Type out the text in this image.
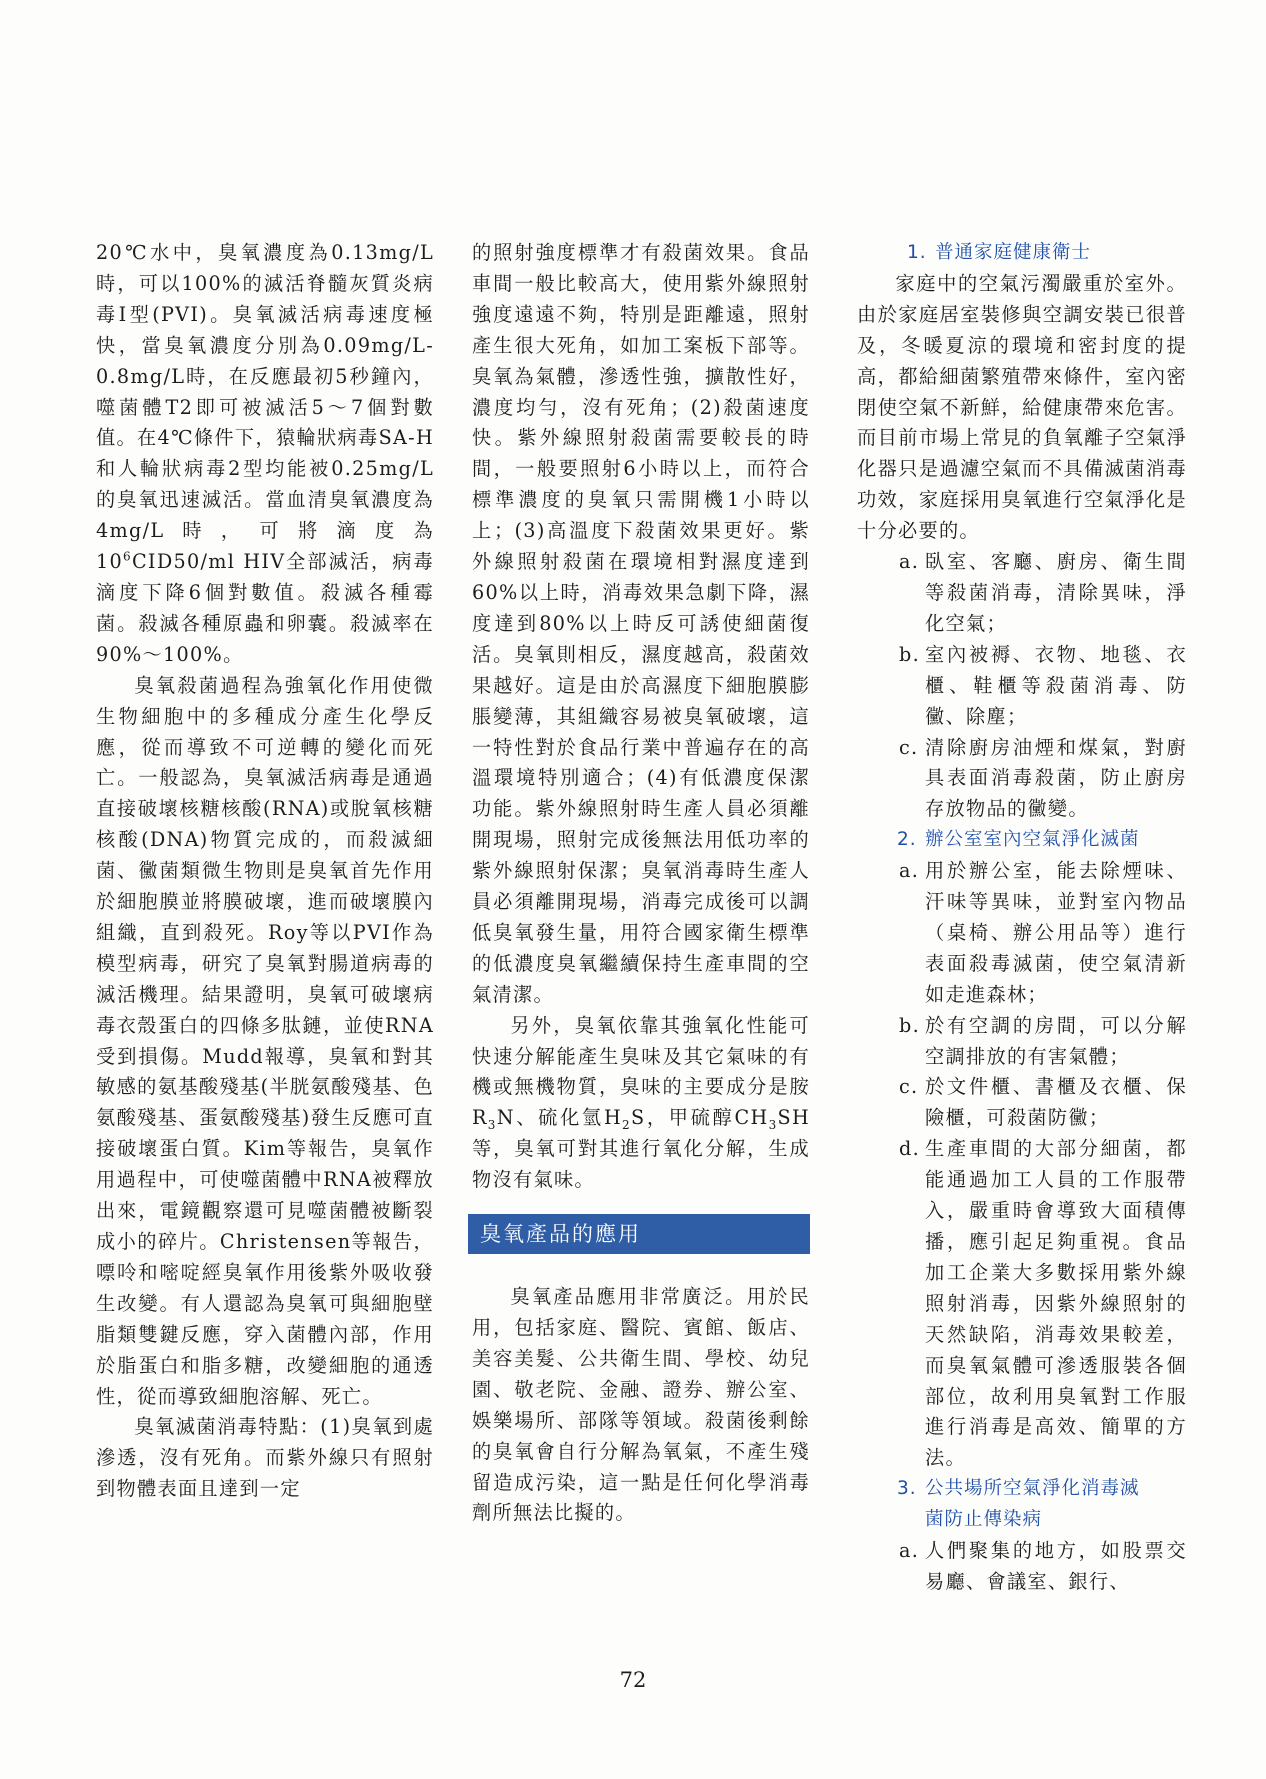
20℃水中，臭氧濃度為0.13mg/L時，可以100%的滅活脊髓灰質炎病毒I型(PVI)。臭氧滅活病毒速度極快，當臭氧濃度分別為0.09mg/L-0.8mg/L時，在反應最初5秒鐘內，噬菌體T2即可被滅活5～7個對數值。在4℃條件下，猿輪狀病毒SA-H和人輪狀病毒2型均能被0.25mg/L的臭氧迅速滅活。當血清臭氧濃度為4mg/L時，可將滴度為$10^6CID50/ml$ HIV全部滅活，病毒滴度下降6個對數值。殺滅各種霉菌。殺滅各種原蟲和卵囊。殺滅率在90%～100%。

臭氧殺菌過程為強氧化作用使微生物細胞中的多種成分產生化學反應，從而導致不可逆轉的變化而死亡。一般認為，臭氧滅活病毒是通過直接破壞核糖核酸(RNA)或脫氧核糖核酸(DNA)物質完成的，而殺滅細菌、黴菌類微生物則是臭氧首先作用於細胞膜並將膜破壞，進而破壞膜內組織，直到殺死。Roy等以PVI作為模型病毒，研究了臭氧對腸道病毒的滅活機理。結果證明，臭氧可破壞病毒衣殼蛋白的四條多肽鏈，並使RNA受到損傷。Mudd報導，臭氧和對其敏感的氨基酸殘基(半胱氨酸殘基、色氨酸殘基、蛋氨酸殘基)發生反應可直接破壞蛋白質。Kim等報告，臭氧作用過程中，可使噬菌體中RNA被釋放出來，電鏡觀察還可見噬菌體被斷裂成小的碎片。Christensen等報告，嘌呤和嘧啶經臭氧作用後紫外吸收發生改變。有人還認為臭氧可與細胞壁脂類雙鍵反應，穿入菌體內部，作用於脂蛋白和脂多糖，改變細胞的通透性，從而導致細胞溶解、死亡。

臭氧滅菌消毒特點：(1)臭氧到處滲透，沒有死角。而紫外線只有照射到物體表面且達到一定

的照射強度標準才有殺菌效果。食品車間一般比較高大，使用紫外線照射強度遠遠不夠，特別是距離遠，照射產生很大死角，如加工案板下部等。臭氧為氣體，滲透性強，擴散性好，濃度均勻，沒有死角；(2)殺菌速度快。紫外線照射殺菌需要較長的時間，一般要照射6小時以上，而符合標準濃度的臭氧只需開機1小時以上；(3)高溫度下殺菌效果更好。紫外線照射殺菌在環境相對濕度達到60%以上時，消毒效果急劇下降，濕度達到80%以上時反可誘使細菌復活。臭氧則相反，濕度越高，殺菌效果越好。這是由於高濕度下細胞膜膨脹變薄，其組織容易被臭氧破壞，這一特性對於食品行業中普遍存在的高溫環境特別適合；(4)有低濃度保潔功能。紫外線照射時生產人員必須離開現場，照射完成後無法用低功率的紫外線照射保潔；臭氧消毒時生產人員必須離開現場，消毒完成後可以調低臭氧發生量，用符合國家衛生標準的低濃度臭氧繼續保持生產車間的空氣清潔。

另外，臭氧依靠其強氧化性能可快速分解能產生臭味及其它氣味的有機或無機物質，臭味的主要成分是胺$R_3N$、硫化氫$H_2S$，甲硫醇$CH_3SH$等，臭氧可對其進行氧化分解，生成物沒有氣味。

臭氧產品的應用

臭氧產品應用非常廣泛。用於民用，包括家庭、醫院、賓館、飯店、美容美髮、公共衛生間、學校、幼兒園、敬老院、金融、證券、辦公室、娛樂場所、部隊等領域。殺菌後剩餘的臭氧會自行分解為氧氣，不產生殘留造成污染，這一點是任何化學消毒劑所無法比擬的。

1. 普通家庭健康衛士

家庭中的空氣污濁嚴重於室外。由於家庭居室裝修與空調安裝已很普及，冬暖夏涼的環境和密封度的提高，都給細菌繁殖帶來條件，室內密閉使空氣不新鮮，給健康帶來危害。而目前市場上常見的負氧離子空氣淨化器只是過濾空氣而不具備滅菌消毒功效，家庭採用臭氧進行空氣淨化是十分必要的。

a. 臥室、客廳、廚房、衛生間等殺菌消毒，清除異味，淨化空氣；
b. 室內被褥、衣物、地毯、衣櫃、鞋櫃等殺菌消毒、防黴、除塵；
c. 清除廚房油煙和煤氣，對廚具表面消毒殺菌，防止廚房存放物品的黴變。
2. 辦公室室內空氣淨化滅菌
a. 用於辦公室，能去除煙味、汗味等異味，並對室內物品（桌椅、辦公用品等）進行表面殺毒滅菌，使空氣清新如走進森林；
b. 於有空調的房間，可以分解空調排放的有害氣體；
c. 於文件櫃、書櫃及衣櫃、保險櫃，可殺菌防黴；
d. 生產車間的大部分細菌，都能通過加工人員的工作服帶入，嚴重時會導致大面積傳播，應引起足夠重視。食品加工企業大多數採用紫外線照射消毒，因紫外線照射的天然缺陷，消毒效果較差，而臭氧氣體可滲透服裝各個部位，故利用臭氧對工作服進行消毒是高效、簡單的方法。
3. 公共場所空氣淨化消毒滅
菌防止傳染病
a. 人們聚集的地方，如股票交易廳、會議室、銀行、
72
